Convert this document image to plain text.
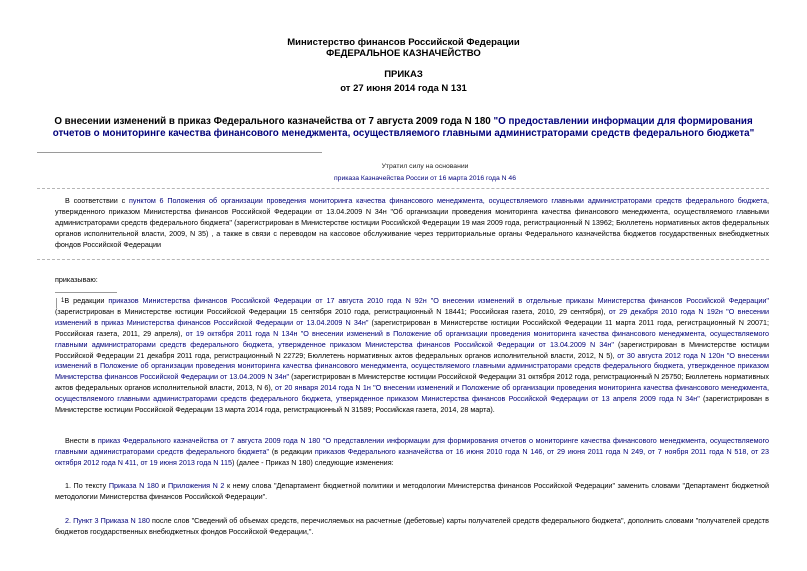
Министерство финансов Российской Федерации
ФЕДЕРАЛЬНОЕ КАЗНАЧЕЙСТВО
ПРИКАЗ
от 27 июня 2014 года N 131
О внесении изменений в приказ Федерального казначейства от 7 августа 2009 года N 180 "О предоставлении информации для формирования отчетов о мониторинге качества финансового менеджмента, осуществляемого главными администраторами средств федерального бюджета"
Утратил силу на основании
приказа Казначейства России от 16 марта 2016 года N 46
В соответствии с пунктом 6 Положения об организации проведения мониторинга качества финансового менеджмента, осуществляемого главными администраторами средств федерального бюджета, утвержденного приказом Министерства финансов Российской Федерации от 13.04.2009 N 34н "Об организации проведения мониторинга качества финансового менеджмента, осуществляемого главными администраторами средств федерального бюджета" (зарегистрирован в Министерстве юстиции Российской Федерации 19 мая 2009 года, регистрационный N 13962; Бюллетень нормативных актов федеральных органов исполнительной власти, 2009, N 35) , а также в связи с переводом на кассовое обслуживание через территориальные органы Федерального казначейства бюджетов государственных внебюджетных фондов Российской Федерации
приказываю:
$^1$В редакции приказов Министерства финансов Российской Федерации от 17 августа 2010 года N 92н "О внесении изменений в отдельные приказы Министерства финансов Российской Федерации" (зарегистрирован в Министерстве юстиции Российской Федерации 15 сентября 2010 года, регистрационный N 18441; Российская газета, 2010, 29 сентября), от 29 декабря 2010 года N 192н "О внесении изменений в приказ Министерства финансов Российской Федерации от 13.04.2009 N 34н" (зарегистрирован в Министерстве юстиции Российской Федерации 11 марта 2011 года, регистрационный N 20071; Российская газета, 2011, 29 апреля), от 19 октября 2011 года N 134н "О внесении изменений в Положение об организации проведения мониторинга качества финансового менеджмента, осуществляемого главными администраторами средств федерального бюджета, утвержденное приказом Министерства финансов Российской Федерации от 13.04.2009 N 34н" (зарегистрирован в Министерстве юстиции Российской Федерации 21 декабря 2011 года, регистрационный N 22729; Бюллетень нормативных актов федеральных органов исполнительной власти, 2012, N 5), от 30 августа 2012 года N 120н "О внесении изменений в Положение об организации проведения мониторинга качества финансового менеджмента, осуществляемого главными администраторами средств федерального бюджета, утвержденное приказом Министерства финансов Российской Федерации от 13.04.2009 N 34н" (зарегистрирован в Министерстве юстиции Российской Федерации 31 октября 2012 года, регистрационный N 25750; Бюллетень нормативных актов федеральных органов исполнительной власти, 2013, N 6), от 20 января 2014 года N 1н "О внесении изменений и Положение об организации проведения мониторинга качества финансового менеджмента, осуществляемого главными администраторами средств федерального бюджета, утвержденное приказом Министерства финансов Российской Федерации от 13 апреля 2009 года N 34н" (зарегистрирован в Министерстве юстиции Российской Федерации 13 марта 2014 года, регистрационный N 31589; Российская газета, 2014, 28 марта).
Внести в приказ Федерального казначейства от 7 августа 2009 года N 180 "О представлении информации для формирования отчетов о мониторинге качества финансового менеджмента, осуществляемого главными администраторами средств федерального бюджета" (в редакции приказов Федерального казначейства от 16 июня 2010 года N 146, от 29 июня 2011 года N 249, от 7 ноября 2011 года N 518, от 23 октября 2012 года N 411, от 19 июня 2013 года N 115) (далее - Приказ N 180) следующие изменения:
1. По тексту Приказа N 180 и Приложения N 2 к нему слова "Департамент бюджетной политики и методологии Министерства финансов Российской Федерации" заменить словами "Департамент бюджетной методологии Министерства финансов Российской Федерации".
2. Пункт 3 Приказа N 180 после слов "Сведений об объемах средств, перечисляемых на расчетные (дебетовые) карты получателей средств федерального бюджета", дополнить словами "получателей средств бюджетов государственных внебюджетных фондов Российской Федерации,".
